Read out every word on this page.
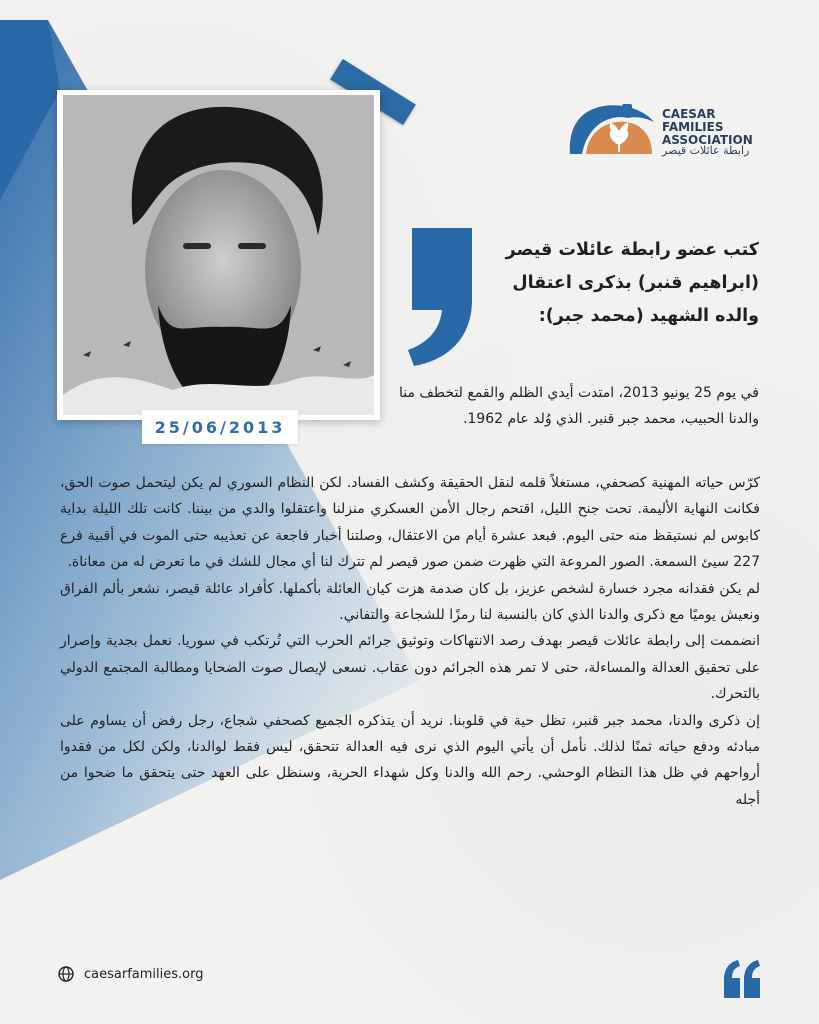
25/06/2013
CAESAR
FAMILIES
ASSOCIATION
رابطة عائلات قيصر
كتب عضو رابطة عائلات قيصر
(ابراهيم قنبر) بذكرى اعتقال
والده الشهيد (محمد جبر):
في يوم 25 يونيو 2013، امتدت أيدي الظلم والقمع لتخطف منا والدنا الحبيب، محمد جبر قنبر. الذي وُلد عام 1962.

كرّس حياته المهنية كصحفي، مستغلاً قلمه لنقل الحقيقة وكشف الفساد. لكن النظام السوري لم يكن ليتحمل صوت الحق، فكانت النهاية الأليمة. تحت جنح الليل، اقتحم رجال الأمن العسكري منزلنا واعتقلوا والدي من بيننا. كانت تلك الليلة بداية كابوس لم نستيقظ منه حتى اليوم. فبعد عشرة أيام من الاعتقال، وصلتنا أخبار فاجعة عن تعذيبه حتى الموت في أقبية فرع 227 سيئ السمعة. الصور المروعة التي ظهرت ضمن صور قيصر لم تترك لنا أي مجال للشك في ما تعرض له من معاناة.

لم يكن فقدانه مجرد خسارة لشخص عزيز، بل كان صدمة هزت كيان العائلة بأكملها. كأفراد عائلة قيصر، نشعر بألم الفراق ونعيش يوميًا مع ذكرى والدنا الذي كان بالنسبة لنا رمزًا للشجاعة والتفاني.

انضممت إلى رابطة عائلات قيصر بهدف رصد الانتهاكات وتوثيق جرائم الحرب التي تُرتكب في سوريا. نعمل بجدية وإصرار على تحقيق العدالة والمساءلة، حتى لا تمر هذه الجرائم دون عقاب. نسعى لإيصال صوت الضحايا ومطالبة المجتمع الدولي بالتحرك.

إن ذكرى والدنا، محمد جبر قنبر، تظل حية في قلوبنا. نريد أن يتذكره الجميع كصحفي شجاع، رجل رفض أن يساوم على مبادئه ودفع حياته ثمنًا لذلك. نأمل أن يأتي اليوم الذي نرى فيه العدالة تتحقق، ليس فقط لوالدنا، ولكن لكل من فقدوا أرواحهم في ظل هذا النظام الوحشي. رحم الله والدنا وكل شهداء الحرية، وسنظل على العهد حتى يتحقق ما ضحوا من أجله

caesarfamilies.org
